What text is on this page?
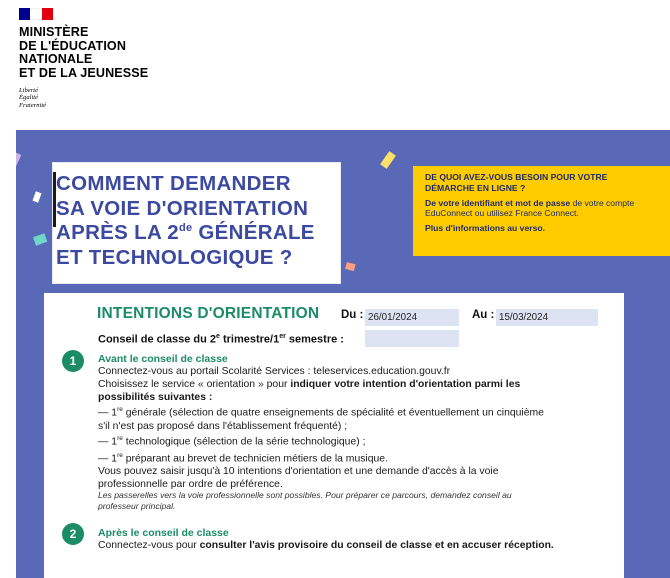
MINISTÈRE
DE L'ÉDUCATION
NATIONALE
ET DE LA JEUNESSE
Liberté
Égalité
Fraternité
COMMENT DEMANDER
SA VOIE D'ORIENTATION
APRÈS LA 2de GÉNÉRALE
ET TECHNOLOGIQUE ?
DE QUOI AVEZ-VOUS BESOIN POUR VOTRE DÉMARCHE EN LIGNE ?
De votre identifiant et mot de passe de votre compte EduConnect ou utilisez France Connect.
Plus d'informations au verso.
INTENTIONS D'ORIENTATION Du : 26/01/2024	Au : 15/03/2024
Conseil de classe du 2e trimestre/1er semestre :
1	Avant le conseil de classe
Connectez-vous au portail Scolarité Services : teleservices.education.gouv.fr
Choisissez le service « orientation » pour indiquer votre intention d'orientation parmi les
possibilités suivantes :
— 1re générale (sélection de quatre enseignements de spécialité et éventuellement un cinquième
s'il n'est pas proposé dans l'établissement fréquenté) ;
— 1re technologique (sélection de la série technologique) ;
— 1re préparant au brevet de technicien métiers de la musique.
Vous pouvez saisir jusqu'à 10 intentions d'orientation et une demande d'accès à la voie
professionnelle par ordre de préférence.
Les passerelles vers la voie professionnelle sont possibles. Pour préparer ce parcours, demandez conseil au
professeur principal.
2	Après le conseil de classe
Connectez-vous pour consulter l'avis provisoire du conseil de classe et en accuser réception.
